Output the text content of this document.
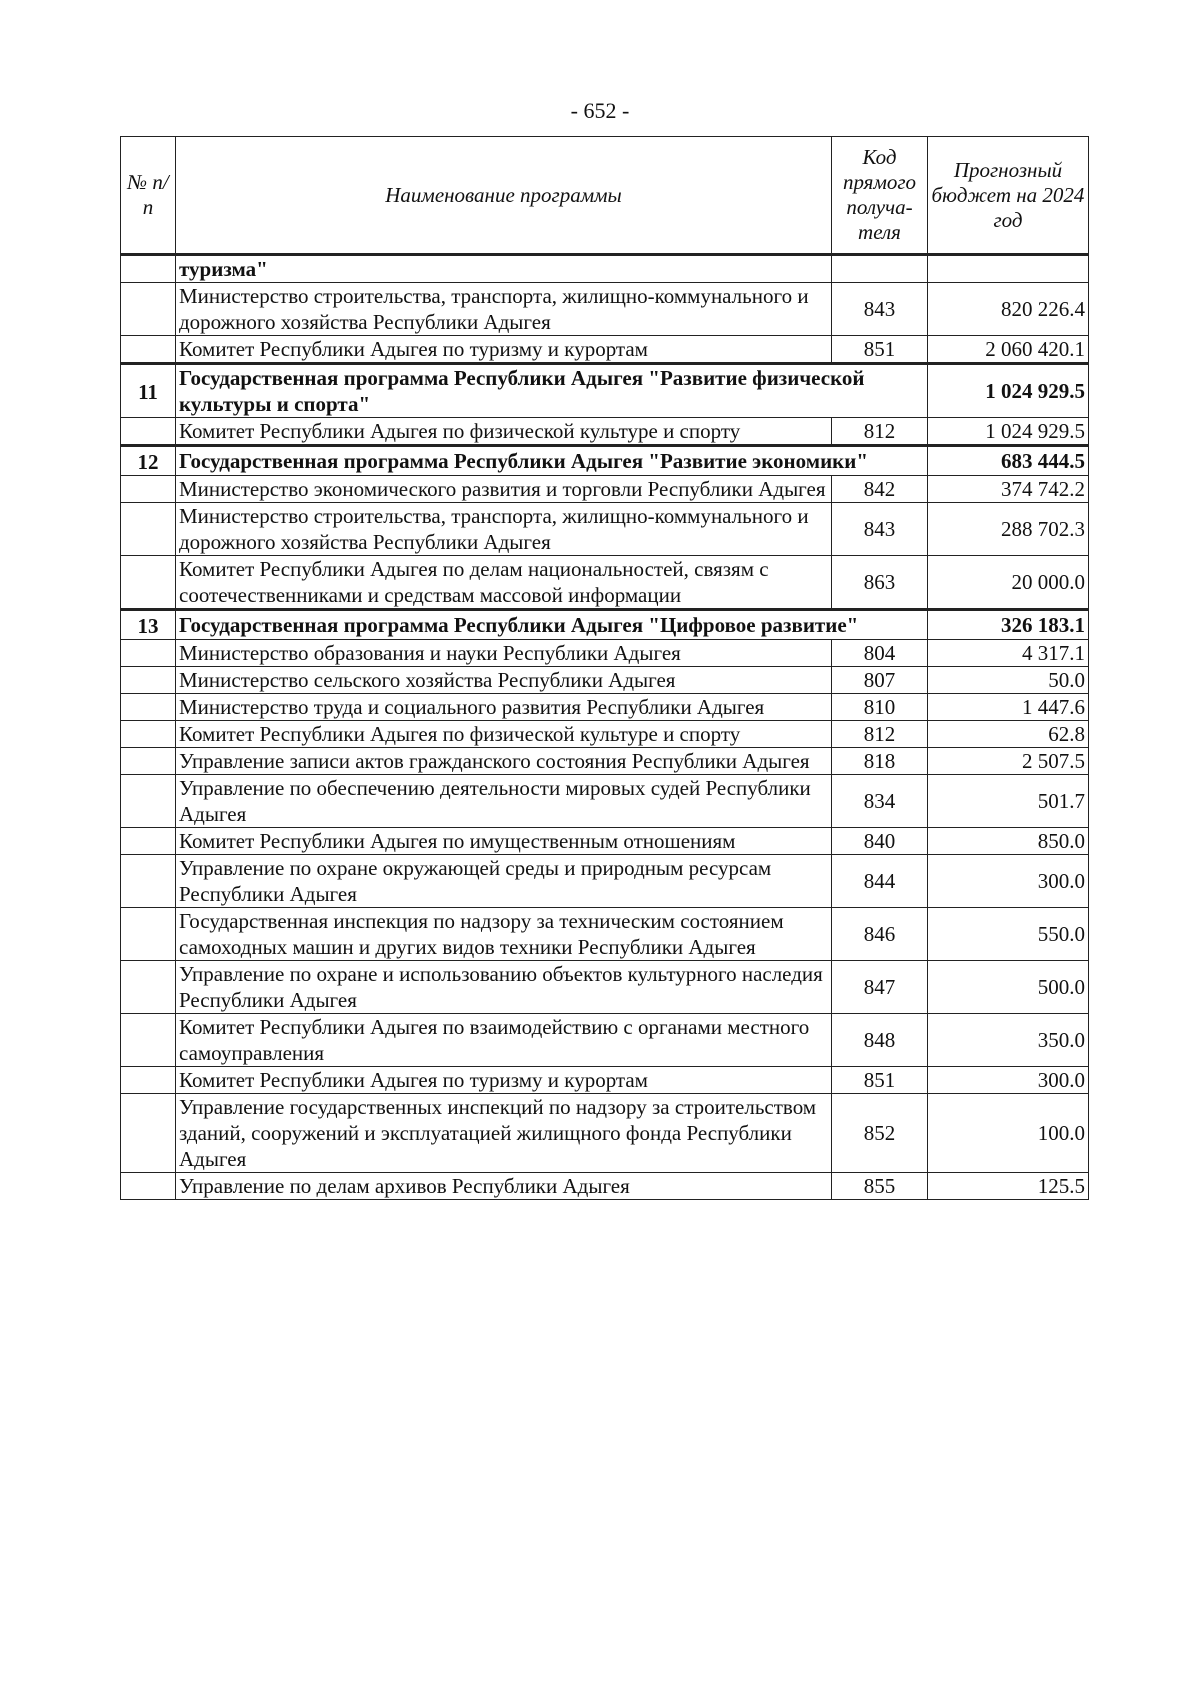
- 652 -
№ п/п	Наименование программы	Код прямого получа-теля	Прогнозный бюджет на 2024 год
	туризма"		
	Министерство строительства, транспорта, жилищно-коммунального и дорожного хозяйства Республики Адыгея	843	820 226.4
	Комитет Республики Адыгея по туризму и курортам	851	2 060 420.1
11	Государственная программа Республики Адыгея "Развитие физической культуры и спорта"		1 024 929.5
	Комитет Республики Адыгея по физической культуре и спорту	812	1 024 929.5
12	Государственная программа Республики Адыгея "Развитие экономики"		683 444.5
	Министерство экономического развития и торговли Республики Адыгея	842	374 742.2
	Министерство строительства, транспорта, жилищно-коммунального и дорожного хозяйства Республики Адыгея	843	288 702.3
	Комитет Республики Адыгея по делам национальностей, связям с соотечественниками и средствам массовой информации	863	20 000.0
13	Государственная программа Республики Адыгея "Цифровое развитие"		326 183.1
	Министерство образования и науки Республики Адыгея	804	4 317.1
	Министерство сельского хозяйства Республики Адыгея	807	50.0
	Министерство труда и социального развития Республики Адыгея	810	1 447.6
	Комитет Республики Адыгея по физической культуре и спорту	812	62.8
	Управление записи актов гражданского состояния Республики Адыгея	818	2 507.5
	Управление по обеспечению деятельности мировых судей Республики Адыгея	834	501.7
	Комитет Республики Адыгея по имущественным отношениям	840	850.0
	Управление по охране окружающей среды и природным ресурсам Республики Адыгея	844	300.0
	Государственная инспекция по надзору за техническим состоянием самоходных машин и других видов техники Республики Адыгея	846	550.0
	Управление по охране и использованию объектов культурного наследия Республики Адыгея	847	500.0
	Комитет Республики Адыгея по взаимодействию с органами местного самоуправления	848	350.0
	Комитет Республики Адыгея по туризму и курортам	851	300.0
	Управление государственных инспекций по надзору за строительством зданий, сооружений и эксплуатацией жилищного фонда Республики Адыгея	852	100.0
	Управление по делам архивов Республики Адыгея	855	125.5
